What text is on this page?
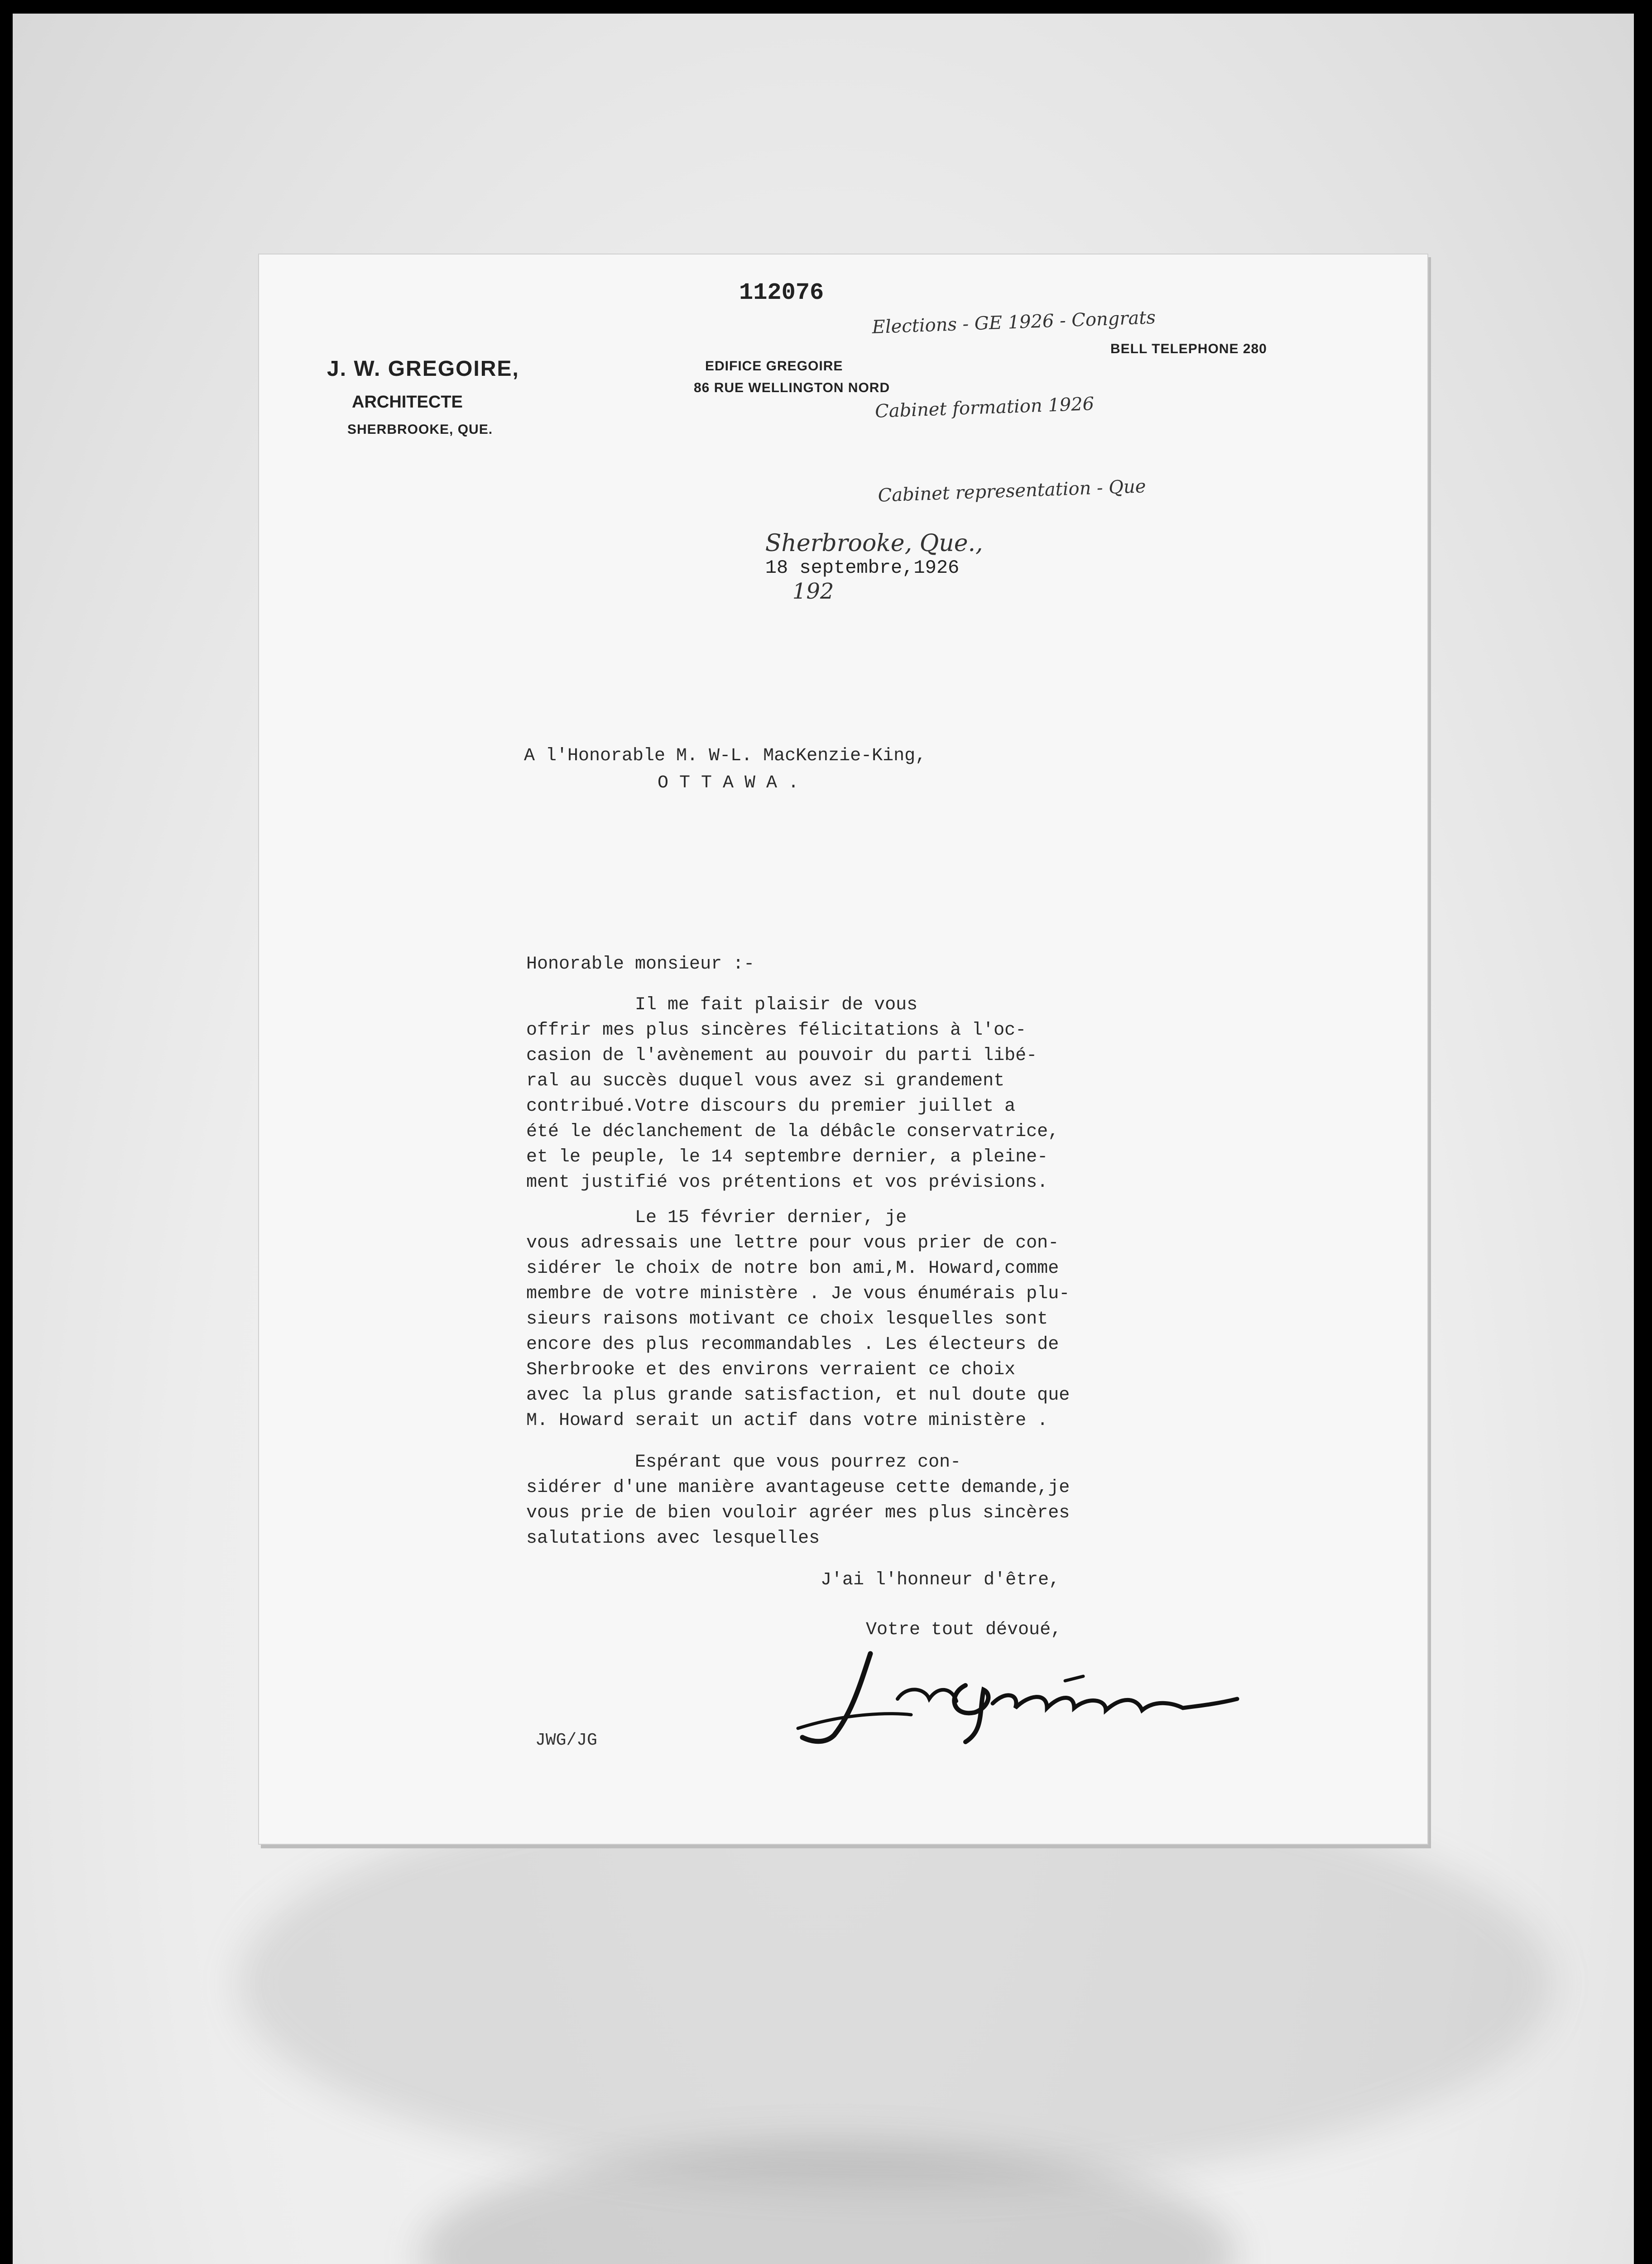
112076

Elections - GE 1926 - Congrats

Cabinet formation 1926

Cabinet representation - Que

J. W. GREGOIRE,
ARCHITECTE
SHERBROOKE, QUE.
EDIFICE GREGOIRE
86 RUE WELLINGTON NORD
BELL TELEPHONE 280

Sherbrooke, Que.,
18 septembre,1926
192

A l'Honorable M. W-L. MacKenzie-King,
O T T A W A .
Honorable monsieur :-
Il me fait plaisir de vous
offrir mes plus sincères félicitations à l'oc-
casion de l'avènement au pouvoir du parti libé-
ral au succès duquel vous avez si grandement
contribué.Votre discours du premier juillet a
été le déclanchement de la débâcle conservatrice,
et le peuple, le 14 septembre dernier, a pleine-
ment justifié vos prétentions et vos prévisions.
Le 15 février dernier, je
vous adressais une lettre pour vous prier de con-
sidérer le choix de notre bon ami,M. Howard,comme
membre de votre ministère . Je vous énumérais plu-
sieurs raisons motivant ce choix lesquelles sont
encore des plus recommandables . Les électeurs de
Sherbrooke et des environs verraient ce choix
avec la plus grande satisfaction, et nul doute que
M. Howard serait un actif dans votre ministère .
Espérant que vous pourrez con-
sidérer d'une manière avantageuse cette demande,je
vous prie de bien vouloir agréer mes plus sincères
salutations avec lesquelles
J'ai l'honneur d'être,
Votre tout dévoué,
JWG/JG
